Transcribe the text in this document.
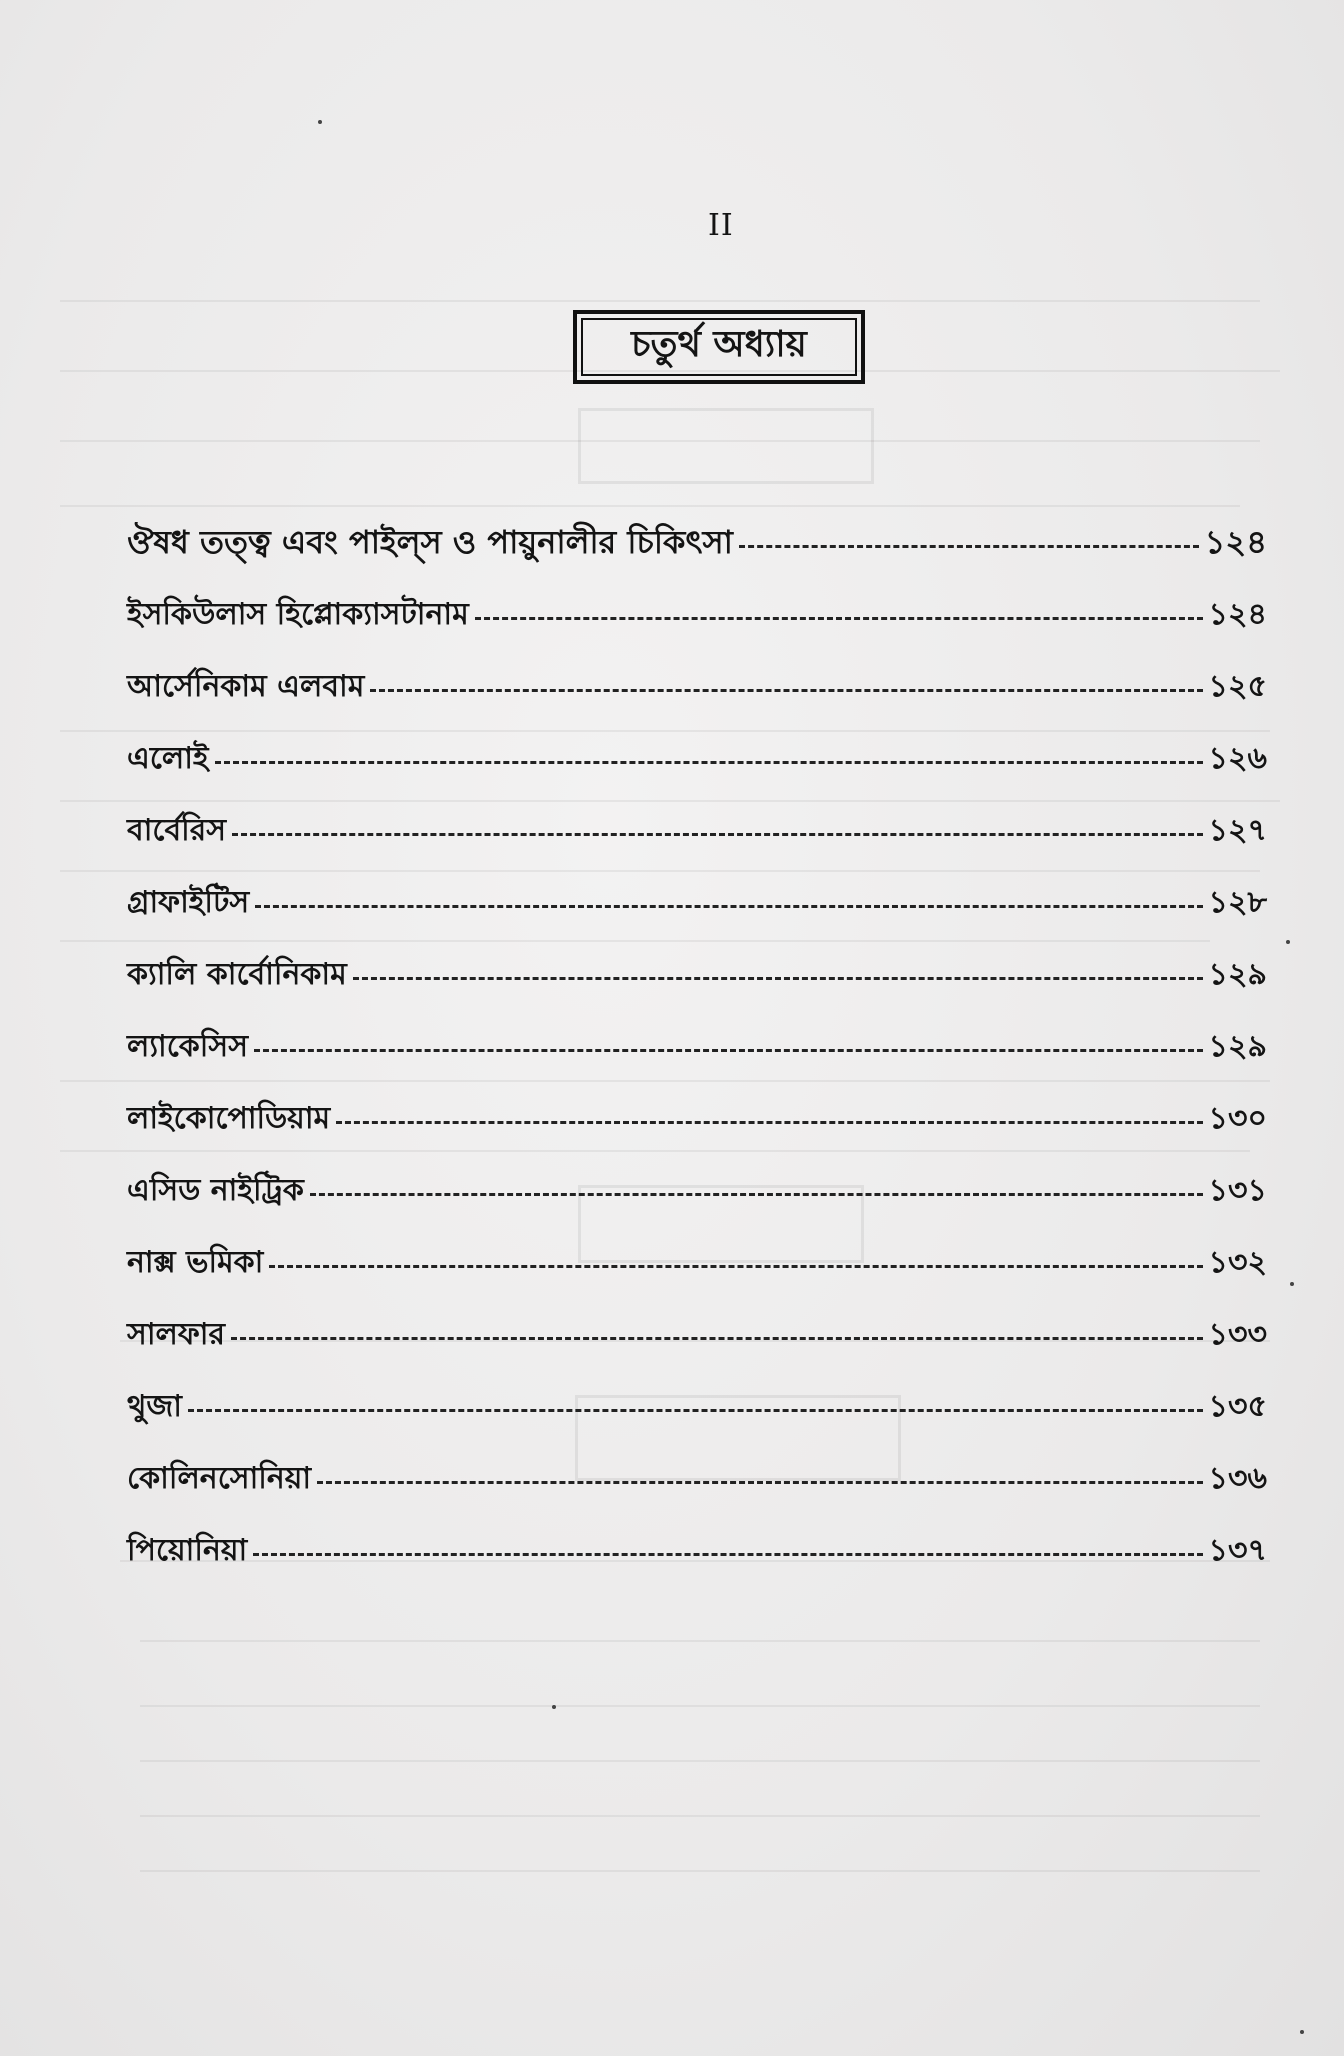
II
চতুর্থ অধ্যায়
ঔষধ তত্ত্ব এবং পাইল্স ও পায়ুনালীর চিকিৎসা	১২৪
ইসকিউলাস হিপ্লোক্যাসটানাম	১২৪
আর্সেনিকাম এলবাম	১২৫
এলোই	১২৬
বার্বেরিস	১২৭
গ্রাফাইটিস	১২৮
ক্যালি কার্বোনিকাম	১২৯
ল্যাকেসিস	১২৯
লাইকোপোডিয়াম	১৩০
এসিড নাইট্রিক	১৩১
নাক্স ভমিকা	১৩২
সালফার	১৩৩
থুজা	১৩৫
কোলিনসোনিয়া	১৩৬
পিয়োনিয়া	১৩৭
